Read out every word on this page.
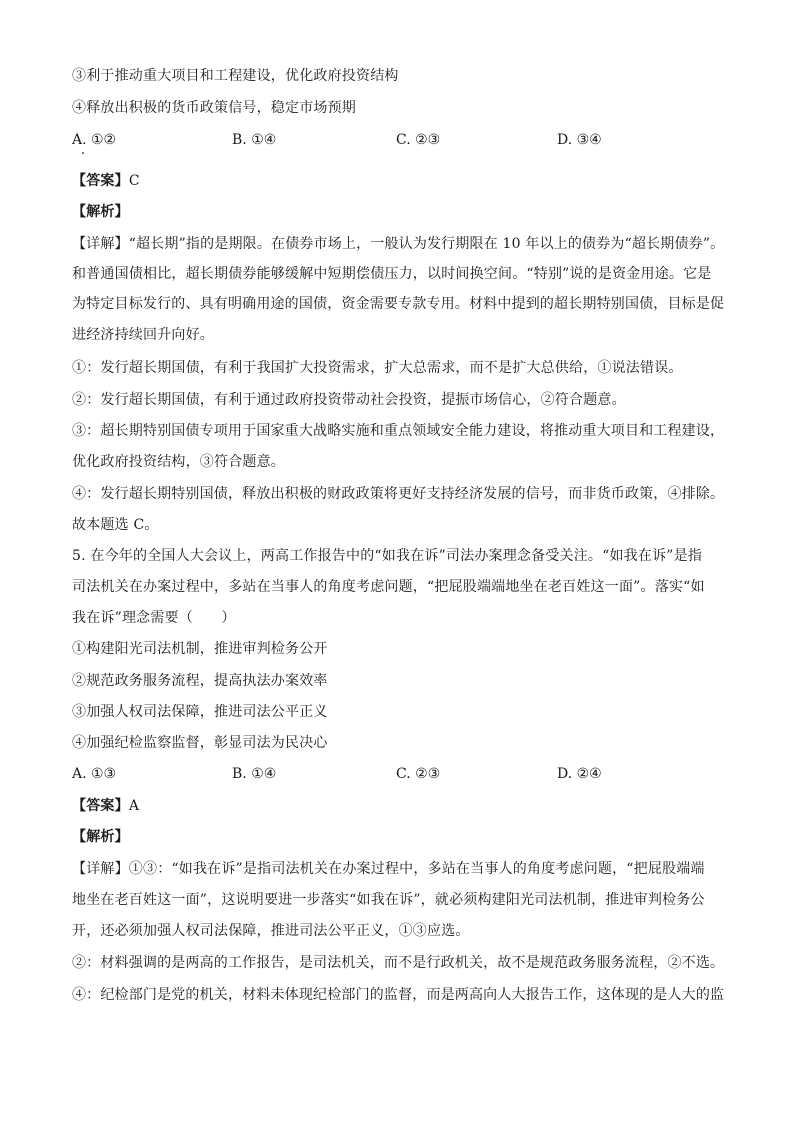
③利于推动重大项目和工程建设，优化政府投资结构
④释放出积极的货币政策信号，稳定市场预期
A. ①②	B. ①④	C. ②③	D. ③④
【答案】C
【解析】
【详解】“超长期”指的是期限。在债券市场上，一般认为发行期限在 10 年以上的债券为“超长期债券”。
和普通国债相比，超长期债券能够缓解中短期偿债压力，以时间换空间。“特别”说的是资金用途。它是
为特定目标发行的、具有明确用途的国债，资金需要专款专用。材料中提到的超长期特别国债，目标是促
进经济持续回升向好。
①：发行超长期国债，有利于我国扩大投资需求，扩大总需求，而不是扩大总供给，①说法错误。
②：发行超长期国债，有利于通过政府投资带动社会投资，提振市场信心，②符合题意。
③：超长期特别国债专项用于国家重大战略实施和重点领域安全能力建设，将推动重大项目和工程建设，
优化政府投资结构，③符合题意。
④：发行超长期特别国债，释放出积极的财政政策将更好支持经济发展的信号，而非货币政策，④排除。
故本题选 C。
5. 在今年的全国人大会议上，两高工作报告中的“如我在诉”司法办案理念备受关注。“如我在诉”是指
司法机关在办案过程中，多站在当事人的角度考虑问题，“把屁股端端地坐在老百姓这一面”。落实“如
我在诉”理念需要（　　）
①构建阳光司法机制，推进审判检务公开
②规范政务服务流程，提高执法办案效率
③加强人权司法保障，推进司法公平正义
④加强纪检监察监督，彰显司法为民决心
A. ①③	B. ①④	C. ②③	D. ②④
【答案】A
【解析】
【详解】①③：“如我在诉”是指司法机关在办案过程中，多站在当事人的角度考虑问题，“把屁股端端
地坐在老百姓这一面”，这说明要进一步落实“如我在诉”，就必须构建阳光司法机制，推进审判检务公
开，还必须加强人权司法保障，推进司法公平正义，①③应选。
②：材料强调的是两高的工作报告，是司法机关，而不是行政机关，故不是规范政务服务流程，②不选。
④：纪检部门是党的机关，材料未体现纪检部门的监督，而是两高向人大报告工作，这体现的是人大的监
